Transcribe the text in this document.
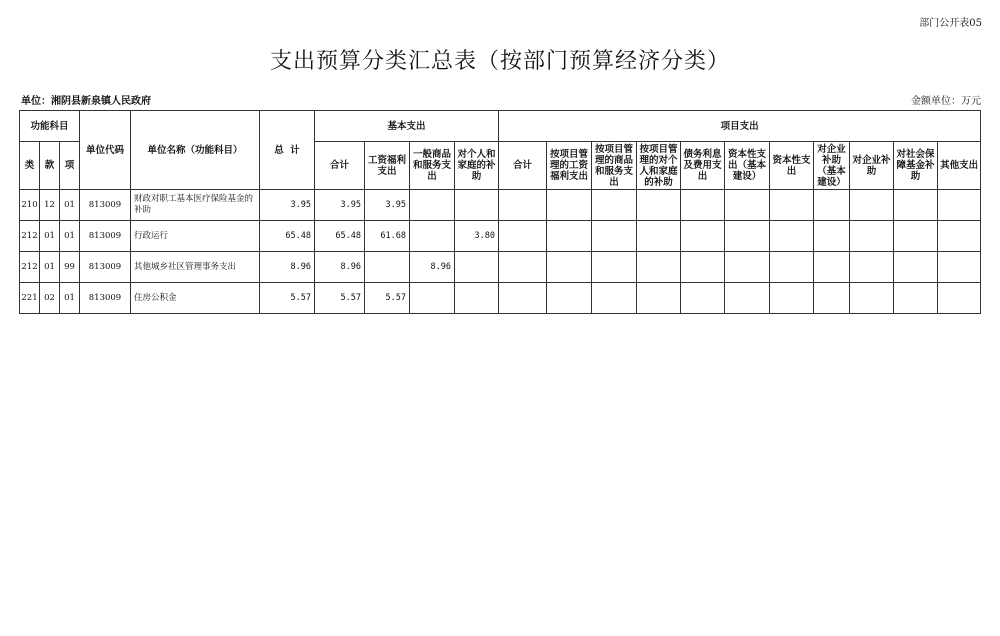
部门公开表05
支出预算分类汇总表（按部门预算经济分类）
单位：湘阴县新泉镇人民政府	金额单位：万元
功能科目			单位代码	单位名称（功能科目）	总  计	基本支出				项目支出										
类	款	项				合计	工资福利支出	一般商品和服务支出	对个人和家庭的补助	合计	按项目管理的工资福利支出	按项目管理的商品和服务支出	按项目管理的对个人和家庭的补助	债务利息及费用支出	资本性支出（基本建设）	资本性支出	对企业补助（基本建设）	对企业补助	对社会保障基金补助	其他支出
210	12	01	813009	财政对职工基本医疗保险基金的补助	3.95	3.95	3.95													
212	01	01	813009	行政运行	65.48	65.48	61.68		3.80											
212	01	99	813009	其他城乡社区管理事务支出	8.96	8.96		8.96												
221	02	01	813009	住房公积金	5.57	5.57	5.57													
